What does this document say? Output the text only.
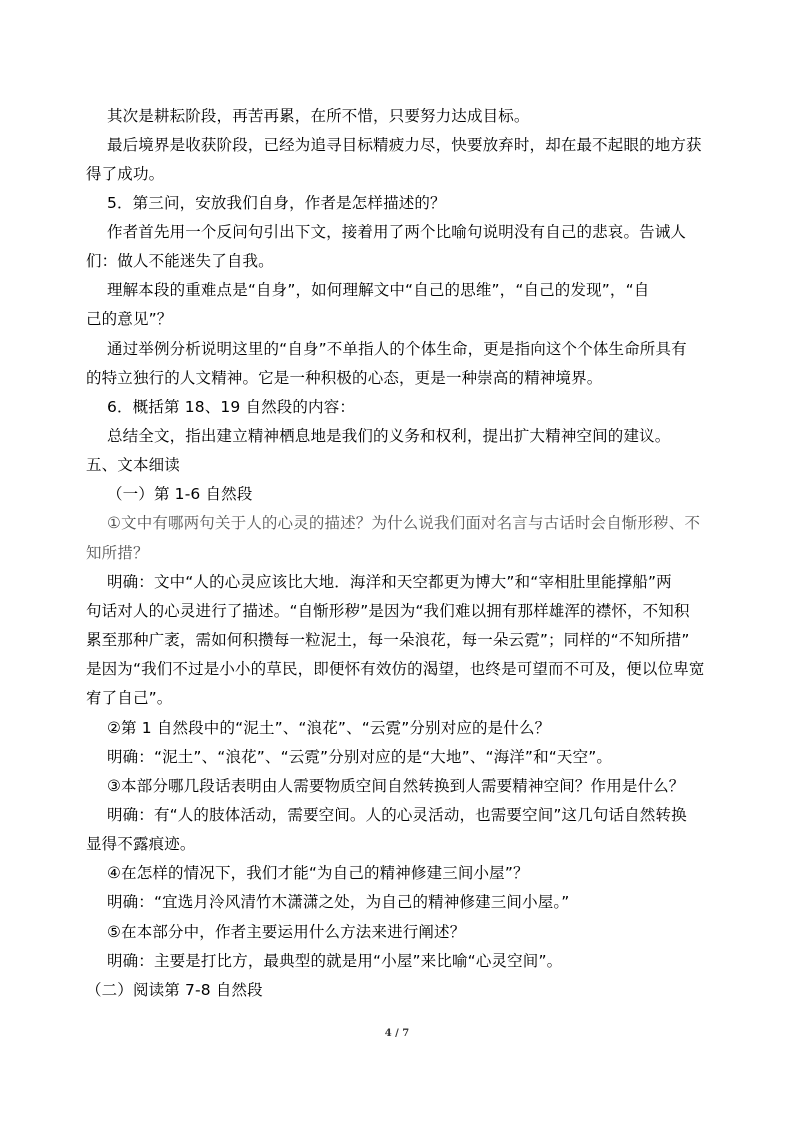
其次是耕耘阶段，再苦再累，在所不惜，只要努力达成目标。
最后境界是收获阶段，已经为追寻目标精疲力尽，快要放弃时，却在最不起眼的地方获
得了成功。
5．第三问，安放我们自身，作者是怎样描述的？
作者首先用一个反问句引出下文，接着用了两个比喻句说明没有自己的悲哀。告诫人
们：做人不能迷失了自我。
理解本段的重难点是“自身”，如何理解文中“自己的思维”，“自己的发现”，“自
己的意见”？
通过举例分析说明这里的“自身”不单指人的个体生命，更是指向这个个体生命所具有
的特立独行的人文精神。它是一种积极的心态，更是一种崇高的精神境界。
6．概括第 18、19 自然段的内容：
总结全文，指出建立精神栖息地是我们的义务和权利，提出扩大精神空间的建议。
五、文本细读
（一）第 1-6 自然段
①文中有哪两句关于人的心灵的描述？为什么说我们面对名言与古话时会自惭形秽、不
知所措？
明确：文中“人的心灵应该比大地．海洋和天空都更为博大”和“宰相肚里能撑船”两
句话对人的心灵进行了描述。“自惭形秽”是因为“我们难以拥有那样雄浑的襟怀，不知积
累至那种广袤，需如何积攒每一粒泥土，每一朵浪花，每一朵云霓”；同样的“不知所措”
是因为“我们不过是小小的草民，即便怀有效仿的渴望，也终是可望而不可及，便以位卑宽
宥了自己”。
②第 1 自然段中的“泥土”、“浪花”、“云霓”分别对应的是什么？
明确：“泥土”、“浪花”、“云霓”分别对应的是“大地”、“海洋”和“天空”。
③本部分哪几段话表明由人需要物质空间自然转换到人需要精神空间？作用是什么？
明确：有“人的肢体活动，需要空间。人的心灵活动，也需要空间”这几句话自然转换
显得不露痕迹。
④在怎样的情况下，我们才能“为自己的精神修建三间小屋”？
明确：“宜选月泠风清竹木潇潇之处，为自己的精神修建三间小屋。”
⑤在本部分中，作者主要运用什么方法来进行阐述？
明确：主要是打比方，最典型的就是用“小屋”来比喻“心灵空间”。
（二）阅读第 7-8 自然段
4 / 7
